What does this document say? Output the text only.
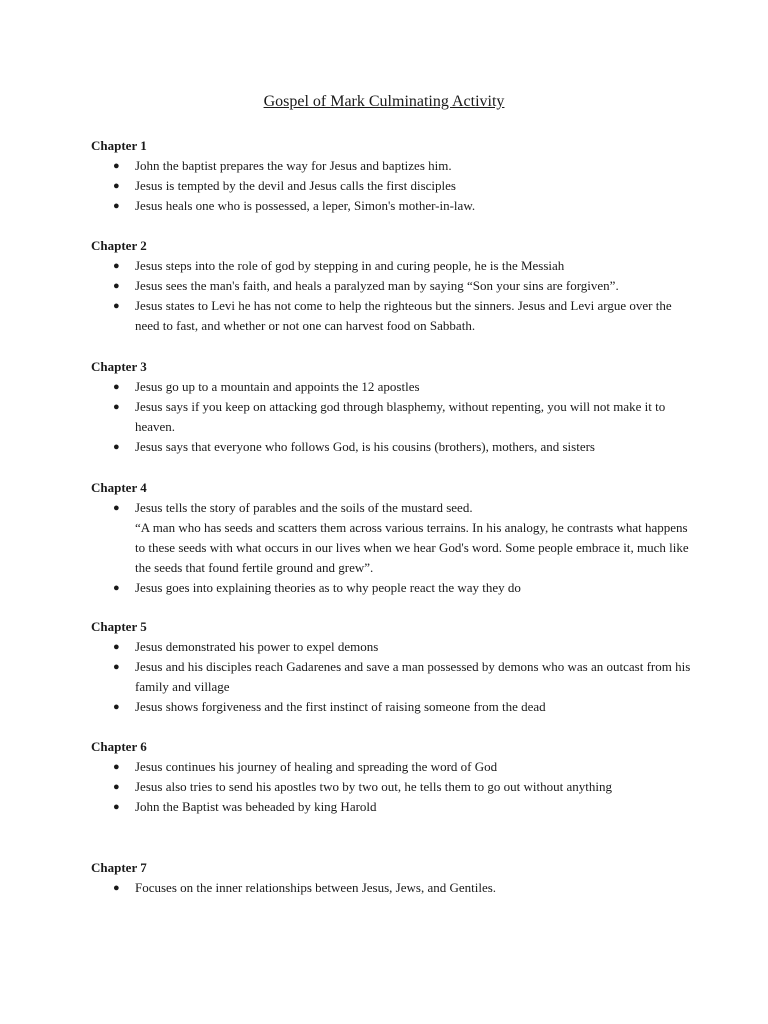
Gospel of Mark Culminating Activity

Chapter 1

● John the baptist prepares the way for Jesus and baptizes him.
● Jesus is tempted by the devil and Jesus calls the first disciples
● Jesus heals one who is possessed, a leper, Simon's mother-in-law.

Chapter 2

● Jesus steps into the role of god by stepping in and curing people, he is the Messiah
● Jesus sees the man's faith, and heals a paralyzed man by saying “Son your sins are forgiven”.
● Jesus states to Levi he has not come to help the righteous but the sinners. Jesus and Levi argue over the need to fast, and whether or not one can harvest food on Sabbath.

Chapter 3

● Jesus go up to a mountain and appoints the 12 apostles
● Jesus says if you keep on attacking god through blasphemy, without repenting, you will not make it to heaven.
● Jesus says that everyone who follows God, is his cousins (brothers), mothers, and sisters

Chapter 4

● Jesus tells the story of parables and the soils of the mustard seed.
“A man who has seeds and scatters them across various terrains. In his analogy, he contrasts what happens to these seeds with what occurs in our lives when we hear God's word. Some people embrace it, much like the seeds that found fertile ground and grew”.
● Jesus goes into explaining theories as to why people react the way they do

Chapter 5

● Jesus demonstrated his power to expel demons
● Jesus and his disciples reach Gadarenes and save a man possessed by demons who was an outcast from his family and village
● Jesus shows forgiveness and the first instinct of raising someone from the dead

Chapter 6

● Jesus continues his journey of healing and spreading the word of God
● Jesus also tries to send his apostles two by two out, he tells them to go out without anything
● John the Baptist was beheaded by king Harold

Chapter 7

● Focuses on the inner relationships between Jesus, Jews, and Gentiles.
